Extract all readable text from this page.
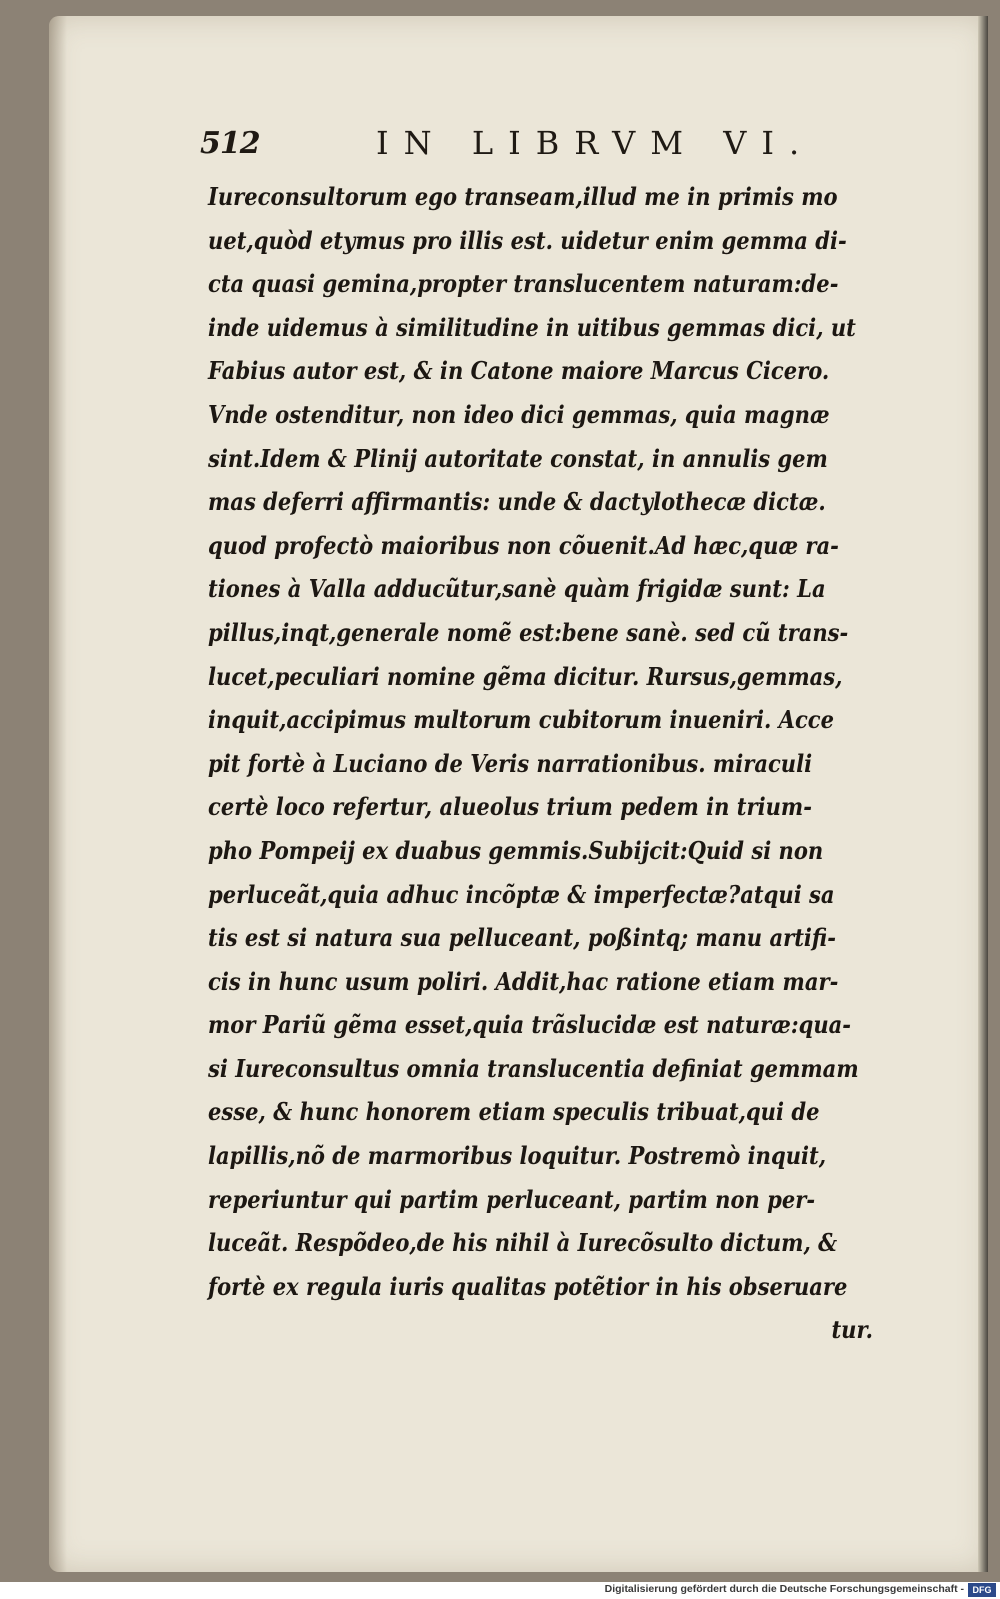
512	IN LIBRVM VI.
Iureconsultorum ego transeam,illud me in primis mo
uet,quòd etymus pro illis est. uidetur enim gemma di-
cta quasi gemina,propter translucentem naturam:de-
inde uidemus à similitudine in uitibus gemmas dici, ut
Fabius autor est, & in Catone maiore Marcus Cicero.
Vnde ostenditur, non ideo dici gemmas, quia magnæ
sint.Idem & Plinij autoritate constat, in annulis gem
mas deferri affirmantis: unde & dactylothecæ dictæ.
quod profectò maioribus non cõuenit.Ad hæc,quæ ra-
tiones à Valla adducũtur,sanè quàm frigidæ sunt: La
pillus,inqt,generale nomẽ est:bene sanè. sed cũ trans-
lucet,peculiari nomine gẽma dicitur. Rursus,gemmas,
inquit,accipimus multorum cubitorum inueniri. Acce
pit fortè à Luciano de Veris narrationibus. miraculi
certè loco refertur, alueolus trium pedem in trium-
pho Pompeij ex duabus gemmis.Subijcit:Quid si non
perluceãt,quia adhuc incõptæ & imperfectæ?atqui sa
tis est si natura sua pelluceant, poßintq; manu artifi-
cis in hunc usum poliri. Addit,hac ratione etiam mar-
mor Pariũ gẽma esset,quia trãslucidæ est naturæ:qua-
si Iureconsultus omnia translucentia definiat gemmam
esse, & hunc honorem etiam speculis tribuat,qui de
lapillis,nõ de marmoribus loquitur. Postremò inquit,
reperiuntur qui partim perluceant, partim non per-
luceãt. Respõdeo,de his nihil à Iurecõsulto dictum, &
fortè ex regula iuris qualitas potẽtior in his obseruare
tur.
Digitalisierung gefördert durch die Deutsche Forschungsgemeinschaft - DFG
